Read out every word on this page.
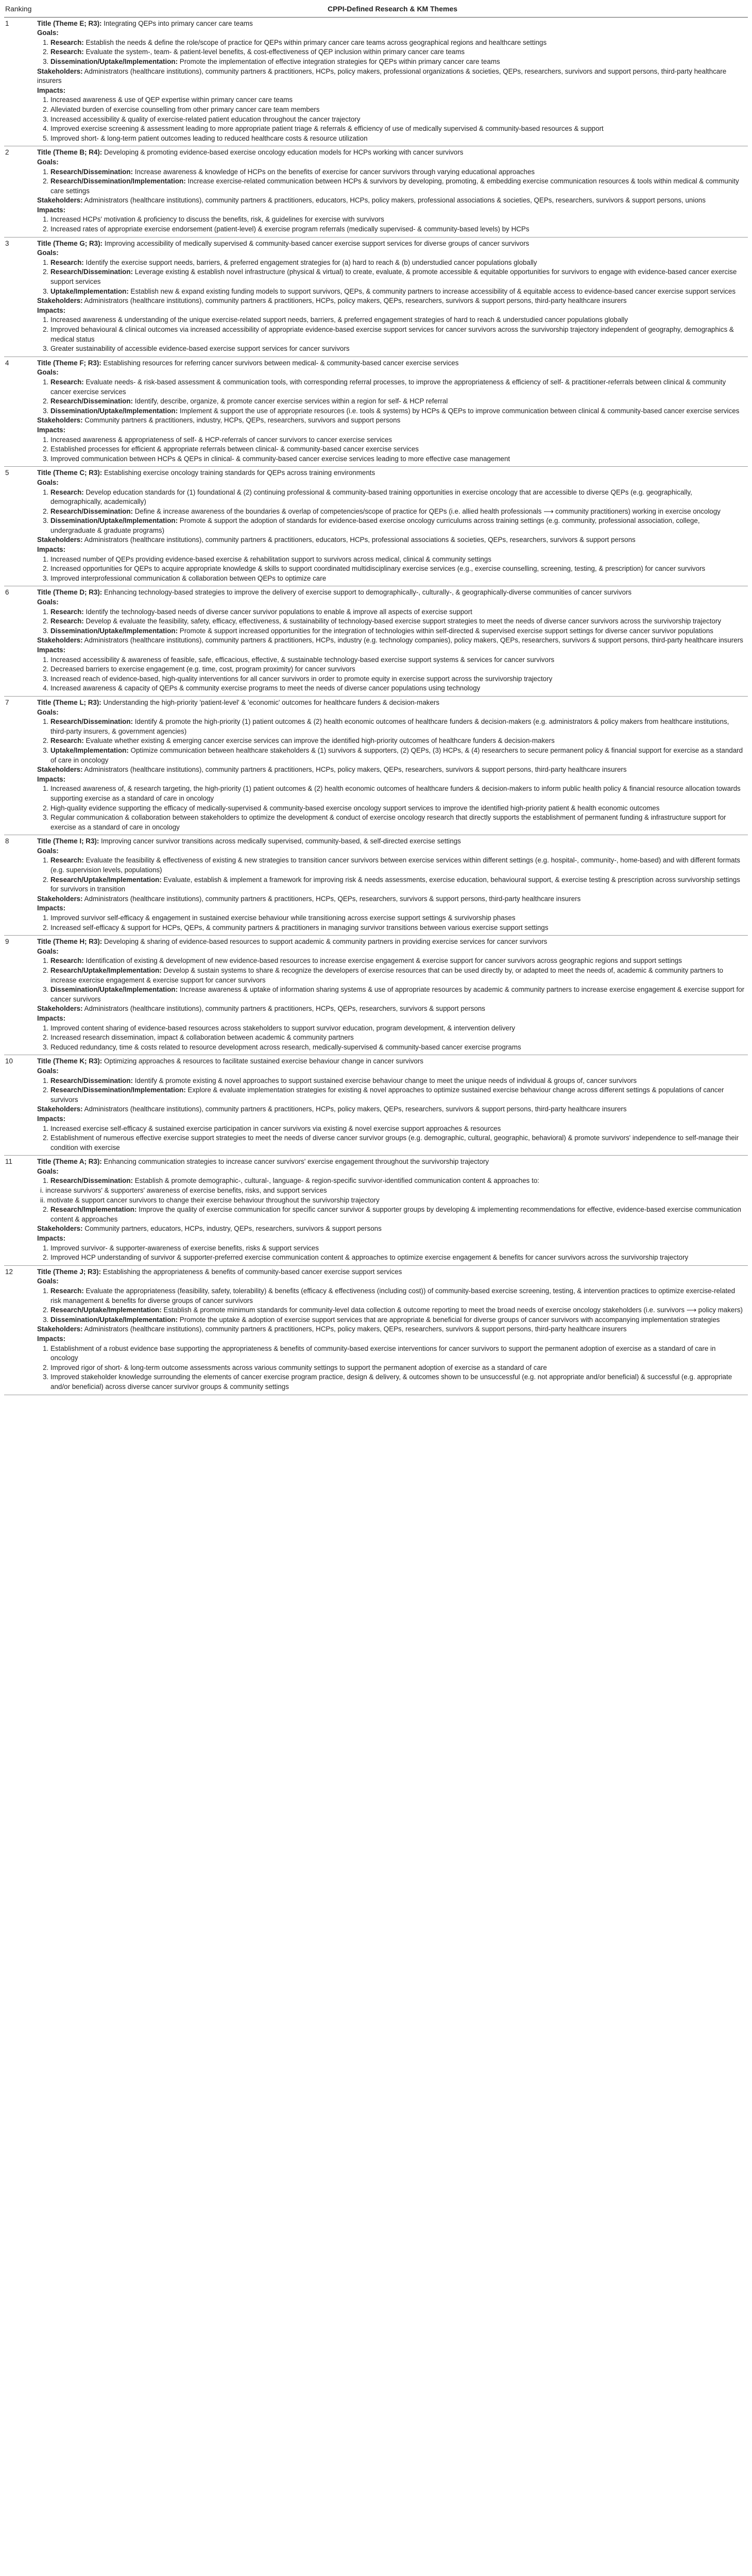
Ranking	CPPI-Defined Research & KM Themes
1	Title (Theme E; R3): Integrating QEPs into primary cancer care teams

Goals:

1. Research: Establish the needs & define the role/scope of practice for QEPs within primary cancer care teams across geographical regions and healthcare settings
2. Research: Evaluate the system-, team- & patient-level benefits, & cost-effectiveness of QEP inclusion within primary cancer care teams
3. Dissemination/Uptake/Implementation: Promote the implementation of effective integration strategies for QEPs within primary cancer care teams

Stakeholders: Administrators (healthcare institutions), community partners & practitioners, HCPs, policy makers, professional organizations & societies, QEPs, researchers, survivors and support persons, third-party healthcare insurers

Impacts:

1. Increased awareness & use of QEP expertise within primary cancer care teams
2. Alleviated burden of exercise counselling from other primary cancer care team members
3. Increased accessibility & quality of exercise-related patient education throughout the cancer trajectory
4. Improved exercise screening & assessment leading to more appropriate patient triage & referrals & efficiency of use of medically supervised & community-based resources & support
5. Improved short- & long-term patient outcomes leading to reduced healthcare costs & resource utilization
2	Title (Theme B; R4): Developing & promoting evidence-based exercise oncology education models for HCPs working with cancer survivors

Goals:

1. Research/Dissemination: Increase awareness & knowledge of HCPs on the benefits of exercise for cancer survivors through varying educational approaches
2. Research/Dissemination/Implementation: Increase exercise-related communication between HCPs & survivors by developing, promoting, & embedding exercise communication resources & tools within medical & community care settings

Stakeholders: Administrators (healthcare institutions), community partners & practitioners, educators, HCPs, policy makers, professional associations & societies, QEPs, researchers, survivors & support persons, unions

Impacts:

1. Increased HCPs' motivation & proficiency to discuss the benefits, risk, & guidelines for exercise with survivors
2. Increased rates of appropriate exercise endorsement (patient-level) & exercise program referrals (medically supervised- & community-based levels) by HCPs
3	Title (Theme G; R3): Improving accessibility of medically supervised & community-based cancer exercise support services for diverse groups of cancer survivors

Goals:

1. Research: Identify the exercise support needs, barriers, & preferred engagement strategies for (a) hard to reach & (b) understudied cancer populations globally
2. Research/Dissemination: Leverage existing & establish novel infrastructure (physical & virtual) to create, evaluate, & promote accessible & equitable opportunities for survivors to engage with evidence-based cancer exercise support services
3. Uptake/Implementation: Establish new & expand existing funding models to support survivors, QEPs, & community partners to increase accessibility of & equitable access to evidence-based cancer exercise support services

Stakeholders: Administrators (healthcare institutions), community partners & practitioners, HCPs, policy makers, QEPs, researchers, survivors & support persons, third-party healthcare insurers

Impacts:

1. Increased awareness & understanding of the unique exercise-related support needs, barriers, & preferred engagement strategies of hard to reach & understudied cancer populations globally
2. Improved behavioural & clinical outcomes via increased accessibility of appropriate evidence-based exercise support services for cancer survivors across the survivorship trajectory independent of geography, demographics & medical status
3. Greater sustainability of accessible evidence-based exercise support services for cancer survivors
4	Title (Theme F; R3): Establishing resources for referring cancer survivors between medical- & community-based cancer exercise services

Goals:

1. Research: Evaluate needs- & risk-based assessment & communication tools, with corresponding referral processes, to improve the appropriateness & efficiency of self- & practitioner-referrals between clinical & community cancer exercise services
2. Research/Dissemination: Identify, describe, organize, & promote cancer exercise services within a region for self- & HCP referral
3. Dissemination/Uptake/Implementation: Implement & support the use of appropriate resources (i.e. tools & systems) by HCPs & QEPs to improve communication between clinical & community-based cancer exercise services

Stakeholders: Community partners & practitioners, industry, HCPs, QEPs, researchers, survivors and support persons

Impacts:

1. Increased awareness & appropriateness of self- & HCP-referrals of cancer survivors to cancer exercise services
2. Established processes for efficient & appropriate referrals between clinical- & community-based cancer exercise services
3. Improved communication between HCPs & QEPs in clinical- & community-based cancer exercise services leading to more effective case management
5	Title (Theme C; R3): Establishing exercise oncology training standards for QEPs across training environments

Goals:

1. Research: Develop education standards for (1) foundational & (2) continuing professional & community-based training opportunities in exercise oncology that are accessible to diverse QEPs (e.g. geographically, demographically, academically)
2. Research/Dissemination: Define & increase awareness of the boundaries & overlap of competencies/scope of practice for QEPs (i.e. allied health professionals ⟶ community practitioners) working in exercise oncology
3. Dissemination/Uptake/Implementation: Promote & support the adoption of standards for evidence-based exercise oncology curriculums across training settings (e.g. community, professional association, college, undergraduate & graduate programs)

Stakeholders: Administrators (healthcare institutions), community partners & practitioners, educators, HCPs, professional associations & societies, QEPs, researchers, survivors & support persons

Impacts:

1. Increased number of QEPs providing evidence-based exercise & rehabilitation support to survivors across medical, clinical & community settings
2. Increased opportunities for QEPs to acquire appropriate knowledge & skills to support coordinated multidisciplinary exercise services (e.g., exercise counselling, screening, testing, & prescription) for cancer survivors
3. Improved interprofessional communication & collaboration between QEPs to optimize care
6	Title (Theme D; R3): Enhancing technology-based strategies to improve the delivery of exercise support to demographically-, culturally-, & geographically-diverse communities of cancer survivors

Goals:

1. Research: Identify the technology-based needs of diverse cancer survivor populations to enable & improve all aspects of exercise support
2. Research: Develop & evaluate the feasibility, safety, efficacy, effectiveness, & sustainability of technology-based exercise support strategies to meet the needs of diverse cancer survivors across the survivorship trajectory
3. Dissemination/Uptake/Implementation: Promote & support increased opportunities for the integration of technologies within self-directed & supervised exercise support settings for diverse cancer survivor populations

Stakeholders: Administrators (healthcare institutions), community partners & practitioners, HCPs, industry (e.g. technology companies), policy makers, QEPs, researchers, survivors & support persons, third-party healthcare insurers

Impacts:

1. Increased accessibility & awareness of feasible, safe, efficacious, effective, & sustainable technology-based exercise support systems & services for cancer survivors
2. Decreased barriers to exercise engagement (e.g. time, cost, program proximity) for cancer survivors
3. Increased reach of evidence-based, high-quality interventions for all cancer survivors in order to promote equity in exercise support across the survivorship trajectory
4. Increased awareness & capacity of QEPs & community exercise programs to meet the needs of diverse cancer populations using technology
7	Title (Theme L; R3): Understanding the high-priority 'patient-level' & 'economic' outcomes for healthcare funders & decision-makers

Goals:

1. Research/Dissemination: Identify & promote the high-priority (1) patient outcomes & (2) health economic outcomes of healthcare funders & decision-makers (e.g. administrators & policy makers from healthcare institutions, third-party insurers, & government agencies)
2. Research: Evaluate whether existing & emerging cancer exercise services can improve the identified high-priority outcomes of healthcare funders & decision-makers
3. Uptake/Implementation: Optimize communication between healthcare stakeholders & (1) survivors & supporters, (2) QEPs, (3) HCPs, & (4) researchers to secure permanent policy & financial support for exercise as a standard of care in oncology

Stakeholders: Administrators (healthcare institutions), community partners & practitioners, HCPs, policy makers, QEPs, researchers, survivors & support persons, third-party healthcare insurers

Impacts:

1. Increased awareness of, & research targeting, the high-priority (1) patient outcomes & (2) health economic outcomes of healthcare funders & decision-makers to inform public health policy & financial resource allocation towards supporting exercise as a standard of care in oncology
2. High-quality evidence supporting the efficacy of medically-supervised & community-based exercise oncology support services to improve the identified high-priority patient & health economic outcomes
3. Regular communication & collaboration between stakeholders to optimize the development & conduct of exercise oncology research that directly supports the establishment of permanent funding & infrastructure support for exercise as a standard of care in oncology
8	Title (Theme I; R3): Improving cancer survivor transitions across medically supervised, community-based, & self-directed exercise settings

Goals:

1. Research: Evaluate the feasibility & effectiveness of existing & new strategies to transition cancer survivors between exercise services within different settings (e.g. hospital-, community-, home-based) and with different formats (e.g. supervision levels, populations)
2. Research/Uptake/Implementation: Evaluate, establish & implement a framework for improving risk & needs assessments, exercise education, behavioural support, & exercise testing & prescription across survivorship settings for survivors in transition

Stakeholders: Administrators (healthcare institutions), community partners & practitioners, HCPs, QEPs, researchers, survivors & support persons, third-party healthcare insurers

Impacts:

1. Improved survivor self-efficacy & engagement in sustained exercise behaviour while transitioning across exercise support settings & survivorship phases
2. Increased self-efficacy & support for HCPs, QEPs, & community partners & practitioners in managing survivor transitions between various exercise support settings
9	Title (Theme H; R3): Developing & sharing of evidence-based resources to support academic & community partners in providing exercise services for cancer survivors

Goals:

1. Research: Identification of existing & development of new evidence-based resources to increase exercise engagement & exercise support for cancer survivors across geographic regions and support settings
2. Research/Uptake/Implementation: Develop & sustain systems to share & recognize the developers of exercise resources that can be used directly by, or adapted to meet the needs of, academic & community partners to increase exercise engagement & exercise support for cancer survivors
3. Dissemination/Uptake/Implementation: Increase awareness & uptake of information sharing systems & use of appropriate resources by academic & community partners to increase exercise engagement & exercise support for cancer survivors

Stakeholders: Administrators (healthcare institutions), community partners & practitioners, HCPs, QEPs, researchers, survivors & support persons

Impacts:

1. Improved content sharing of evidence-based resources across stakeholders to support survivor education, program development, & intervention delivery
2. Increased research dissemination, impact & collaboration between academic & community partners
3. Reduced redundancy, time & costs related to resource development across research, medically-supervised & community-based cancer exercise programs
10	Title (Theme K; R3): Optimizing approaches & resources to facilitate sustained exercise behaviour change in cancer survivors

Goals:

1. Research/Dissemination: Identify & promote existing & novel approaches to support sustained exercise behaviour change to meet the unique needs of individual & groups of, cancer survivors
2. Research/Dissemination/Implementation: Explore & evaluate implementation strategies for existing & novel approaches to optimize sustained exercise behaviour change across different settings & populations of cancer survivors

Stakeholders: Administrators (healthcare institutions), community partners & practitioners, HCPs, policy makers, QEPs, researchers, survivors & support persons, third-party healthcare insurers

Impacts:

1. Increased exercise self-efficacy & sustained exercise participation in cancer survivors via existing & novel exercise support approaches & resources
2. Establishment of numerous effective exercise support strategies to meet the needs of diverse cancer survivor groups (e.g. demographic, cultural, geographic, behavioral) & promote survivors' independence to self-manage their condition with exercise
11	Title (Theme A; R3): Enhancing communication strategies to increase cancer survivors' exercise engagement throughout the survivorship trajectory

Goals:

1. Research/Dissemination: Establish & promote demographic-, cultural-, language- & region-specific survivor-identified communication content & approaches to:

i. increase survivors' & supporters' awareness of exercise benefits, risks, and support services

ii. motivate & support cancer survivors to change their exercise behaviour throughout the survivorship trajectory

2. Research/Implementation: Improve the quality of exercise communication for specific cancer survivor & supporter groups by developing & implementing recommendations for effective, evidence-based exercise communication content & approaches

Stakeholders: Community partners, educators, HCPs, industry, QEPs, researchers, survivors & support persons

Impacts:

1. Improved survivor- & supporter-awareness of exercise benefits, risks & support services
2. Improved HCP understanding of survivor & supporter-preferred exercise communication content & approaches to optimize exercise engagement & benefits for cancer survivors across the survivorship trajectory
12	Title (Theme J; R3): Establishing the appropriateness & benefits of community-based cancer exercise support services

Goals:

1. Research: Evaluate the appropriateness (feasibility, safety, tolerability) & benefits (efficacy & effectiveness (including cost)) of community-based exercise screening, testing, & intervention practices to optimize exercise-related risk management & benefits for diverse groups of cancer survivors
2. Research/Uptake/Implementation: Establish & promote minimum standards for community-level data collection & outcome reporting to meet the broad needs of exercise oncology stakeholders (i.e. survivors ⟶ policy makers)
3. Dissemination/Uptake/Implementation: Promote the uptake & adoption of exercise support services that are appropriate & beneficial for diverse groups of cancer survivors with accompanying implementation strategies

Stakeholders: Administrators (healthcare institutions), community partners & practitioners, HCPs, policy makers, QEPs, researchers, survivors & support persons, third-party healthcare insurers

Impacts:

1. Establishment of a robust evidence base supporting the appropriateness & benefits of community-based exercise interventions for cancer survivors to support the permanent adoption of exercise as a standard of care in oncology
2. Improved rigor of short- & long-term outcome assessments across various community settings to support the permanent adoption of exercise as a standard of care
3. Improved stakeholder knowledge surrounding the elements of cancer exercise program practice, design & delivery, & outcomes shown to be unsuccessful (e.g. not appropriate and/or beneficial) & successful (e.g. appropriate and/or beneficial) across diverse cancer survivor groups & community settings
